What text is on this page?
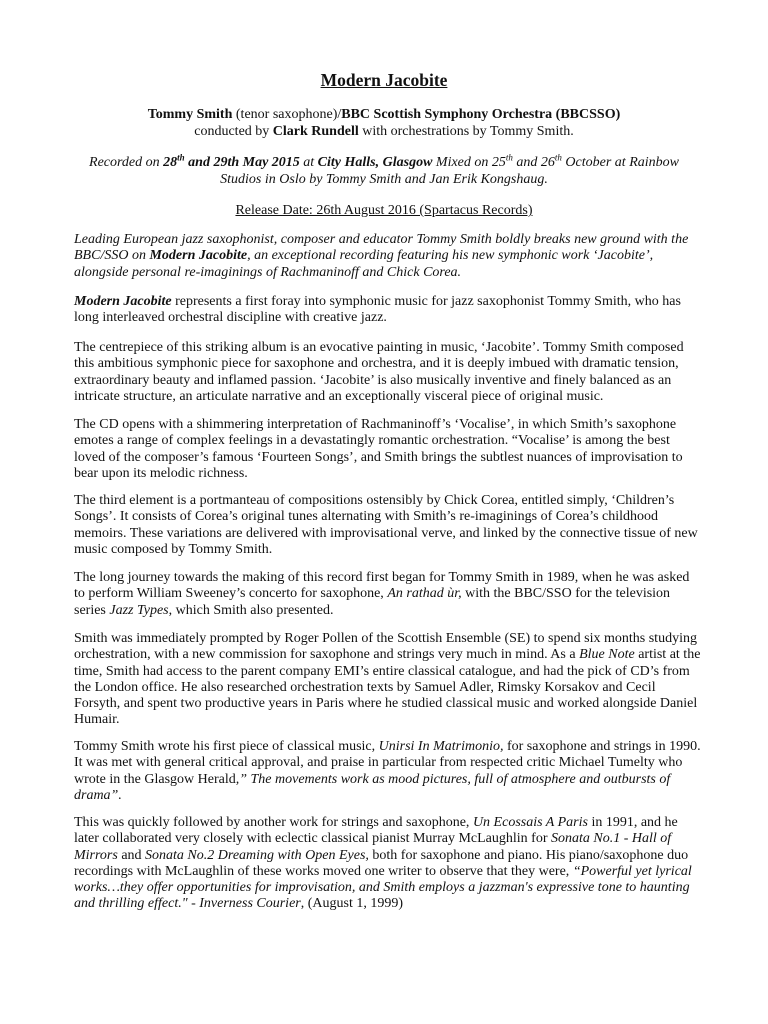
Modern Jacobite
Tommy Smith (tenor saxophone)/BBC Scottish Symphony Orchestra (BBCSSO)
conducted by Clark Rundell with orchestrations by Tommy Smith.
Recorded on 28th and 29th May 2015 at City Halls, Glasgow Mixed on 25th and 26th October at Rainbow Studios in Oslo by Tommy Smith and Jan Erik Kongshaug.
Release Date: 26th August 2016 (Spartacus Records)

Leading European jazz saxophonist, composer and educator Tommy Smith boldly breaks new ground with the BBC/SSO on Modern Jacobite, an exceptional recording featuring his new symphonic work ‘Jacobite’, alongside personal re-imaginings of Rachmaninoff and Chick Corea.

Modern Jacobite represents a first foray into symphonic music for jazz saxophonist Tommy Smith, who has long interleaved orchestral discipline with creative jazz.

The centrepiece of this striking album is an evocative painting in music, ‘Jacobite’. Tommy Smith composed this ambitious symphonic piece for saxophone and orchestra, and it is deeply imbued with dramatic tension, extraordinary beauty and inflamed passion. ‘Jacobite’ is also musically inventive and finely balanced as an intricate structure, an articulate narrative and an exceptionally visceral piece of original music.

The CD opens with a shimmering interpretation of Rachmaninoff’s ‘Vocalise’, in which Smith’s saxophone emotes a range of complex feelings in a devastatingly romantic orchestration. “Vocalise’ is among the best loved of the composer’s famous ‘Fourteen Songs’, and Smith brings the subtlest nuances of improvisation to bear upon its melodic richness.

The third element is a portmanteau of compositions ostensibly by Chick Corea, entitled simply, ‘Children’s Songs’. It consists of Corea’s original tunes alternating with Smith’s re-imaginings of Corea’s childhood memoirs. These variations are delivered with improvisational verve, and linked by the connective tissue of new music composed by Tommy Smith.

The long journey towards the making of this record first began for Tommy Smith in 1989, when he was asked to perform William Sweeney’s concerto for saxophone, An rathad ùr, with the BBC/SSO for the television series Jazz Types, which Smith also presented.

Smith was immediately prompted by Roger Pollen of the Scottish Ensemble (SE) to spend six months studying orchestration, with a new commission for saxophone and strings very much in mind. As a Blue Note artist at the time, Smith had access to the parent company EMI’s entire classical catalogue, and had the pick of CD’s from the London office. He also researched orchestration texts by Samuel Adler, Rimsky Korsakov and Cecil Forsyth, and spent two productive years in Paris where he studied classical music and worked alongside Daniel Humair.

Tommy Smith wrote his first piece of classical music, Unirsi In Matrimonio, for saxophone and strings in 1990. It was met with general critical approval, and praise in particular from respected critic Michael Tumelty who wrote in the Glasgow Herald,” The movements work as mood pictures, full of atmosphere and outbursts of drama”.

This was quickly followed by another work for strings and saxophone, Un Ecossais A Paris in 1991, and he later collaborated very closely with eclectic classical pianist Murray McLaughlin for Sonata No.1 - Hall of Mirrors and Sonata No.2 Dreaming with Open Eyes, both for saxophone and piano. His piano/saxophone duo recordings with McLaughlin of these works moved one writer to observe that they were, “Powerful yet lyrical works…they offer opportunities for improvisation, and Smith employs a jazzman's expressive tone to haunting and thrilling effect." - Inverness Courier, (August 1, 1999)
